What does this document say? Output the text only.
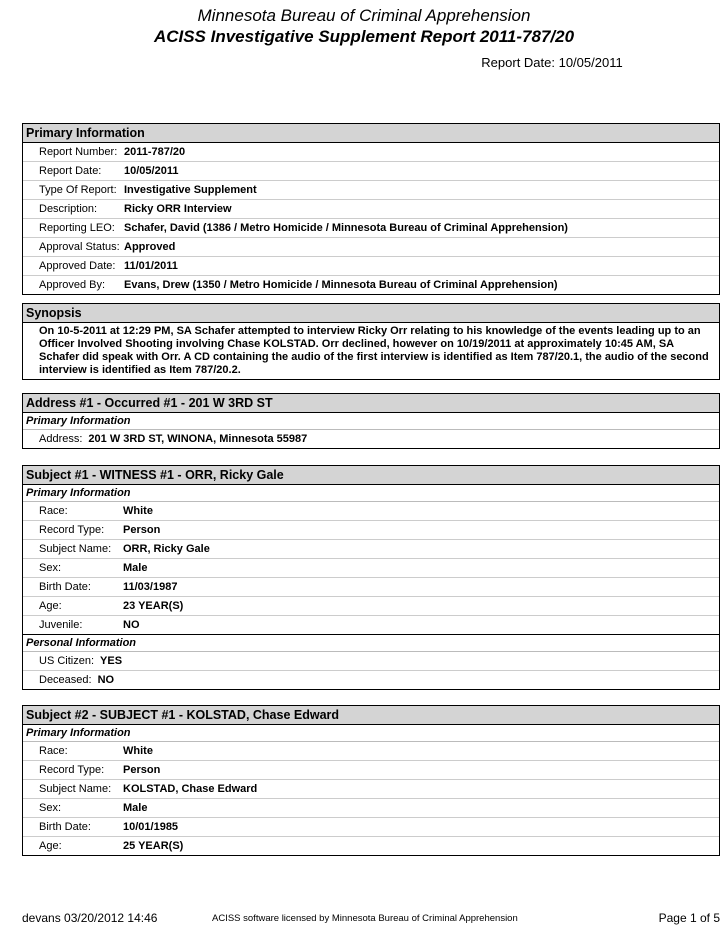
Minnesota Bureau of Criminal Apprehension
ACISS Investigative Supplement Report 2011-787/20
Report Date: 10/05/2011
Primary Information
Report Number: 2011-787/20
Report Date:	10/05/2011
Type Of Report: Investigative Supplement
Description:	Ricky ORR Interview
Reporting LEO: Schafer, David (1386 / Metro Homicide / Minnesota Bureau of Criminal Apprehension)
Approval Status: Approved
Approved Date: 11/01/2011
Approved By:	Evans, Drew (1350 / Metro Homicide / Minnesota Bureau of Criminal Apprehension)
Synopsis
On 10-5-2011 at 12:29 PM, SA Schafer attempted to interview Ricky Orr relating to his knowledge of the events leading up to an Officer Involved Shooting involving Chase KOLSTAD. Orr declined, however on 10/19/2011 at approximately 10:45 AM, SA Schafer did speak with Orr. A CD containing the audio of the first interview is identified as Item 787/20.1, the audio of the second interview is identified as Item 787/20.2.
Address #1 - Occurred #1 - 201 W 3RD ST
Primary Information
Address: 201 W 3RD ST, WINONA, Minnesota 55987
Subject #1 - WITNESS #1 - ORR, Ricky Gale
Primary Information
Race:	White
Record Type:	Person
Subject Name:	ORR, Ricky Gale
Sex:	Male
Birth Date:	11/03/1987
Age:	23 YEAR(S)
Juvenile:	NO
Personal Information
US Citizen: YES
Deceased: NO
Subject #2 - SUBJECT #1 - KOLSTAD, Chase Edward
Primary Information
Race:	White
Record Type:	Person
Subject Name:	KOLSTAD, Chase Edward
Sex:	Male
Birth Date:	10/01/1985
Age:	25 YEAR(S)
devans 03/20/2012 14:46	ACISS software licensed by Minnesota Bureau of Criminal Apprehension	Page 1 of 5
